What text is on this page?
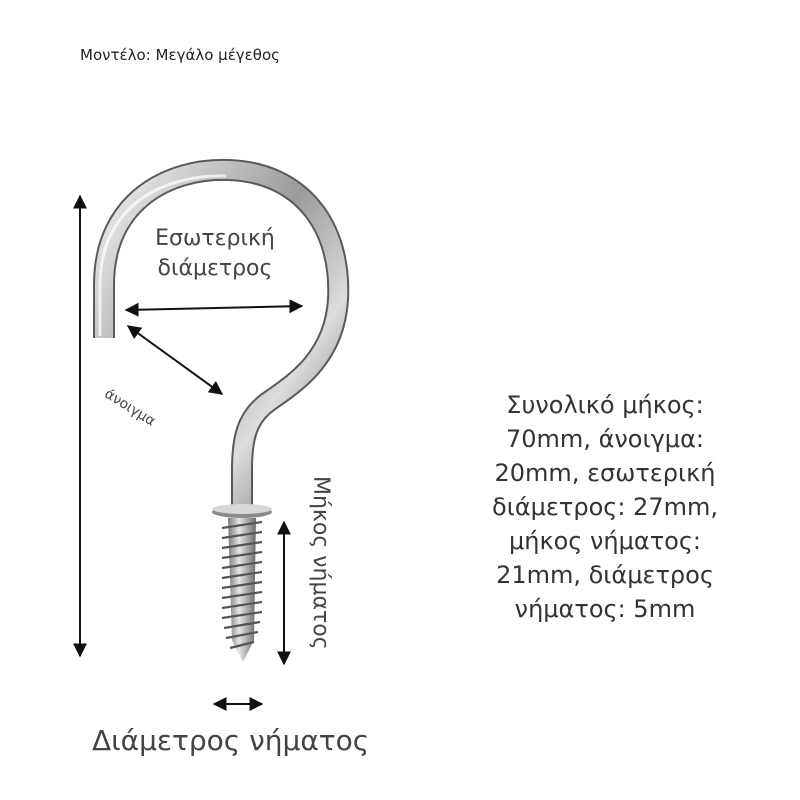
Μοντέλο: Μεγάλο μέγεθος
Εσωτερική διάμετρος
άνοιγμα
Μήκος νήματος
Διάμετρος νήματος
Συνολικό μήκος: 70mm, άνοιγμα: 20mm, εσωτερική διάμετρος: 27mm, μήκος νήματος: 21mm, διάμετρος νήματος: 5mm
